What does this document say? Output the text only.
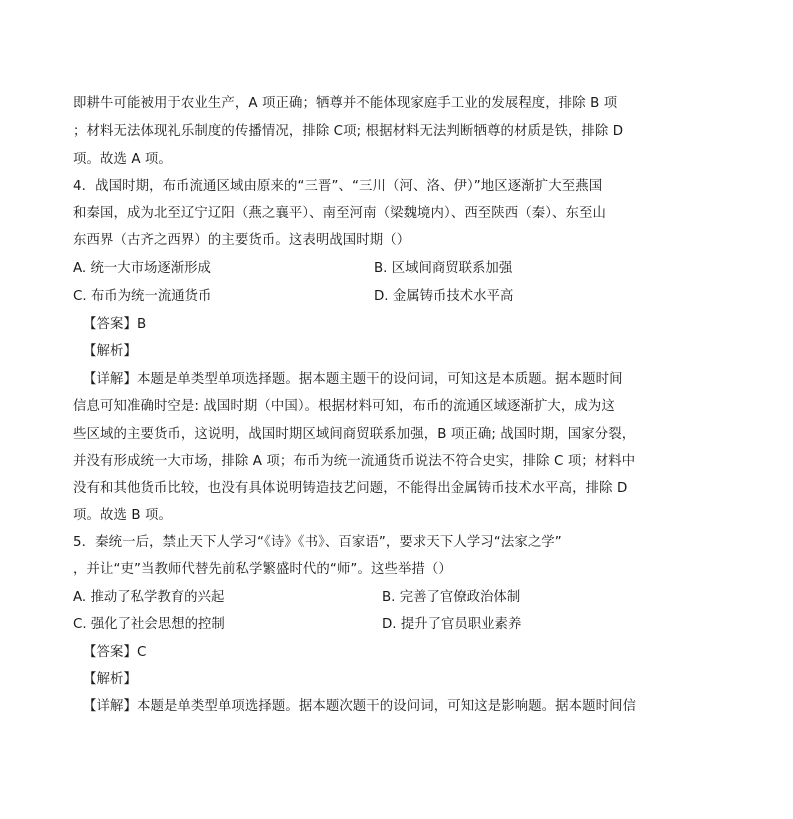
即耕牛可能被用于农业生产，A 项正确；牺尊并不能体现家庭手工业的发展程度，排除 B 项
；材料无法体现礼乐制度的传播情况，排除 C项; 根据材料无法判断牺尊的材质是铁，排除 D
项。故选 A 项。
4．战国时期，布币流通区域由原来的“三晋”、“三川（河、洛、伊）”地区逐渐扩大至燕国
和秦国，成为北至辽宁辽阳（燕之襄平）、南至河南（梁魏境内）、西至陕西（秦）、东至山
东西界（古齐之西界）的主要货币。这表明战国时期（）
A. 统一大市场逐渐形成	B. 区域间商贸联系加强
C. 布币为统一流通货币	D. 金属铸币技术水平高
【答案】B
【解析】
【详解】本题是单类型单项选择题。据本题主题干的设问词，可知这是本质题。据本题时间
信息可知准确时空是: 战国时期（中国）。根据材料可知，布币的流通区域逐渐扩大，成为这
些区域的主要货币，这说明，战国时期区域间商贸联系加强，B 项正确; 战国时期，国家分裂，
并没有形成统一大市场，排除 A 项；布币为统一流通货币说法不符合史实，排除 C 项；材料中
没有和其他货币比较，也没有具体说明铸造技艺问题，不能得出金属铸币技术水平高，排除 D
项。故选 B 项。
5．秦统一后，禁止天下人学习“《诗》《书》、百家语”，要求天下人学习“法家之学”
，并让“吏”当教师代替先前私学繁盛时代的“师”。这些举措（）
A. 推动了私学教育的兴起	B. 完善了官僚政治体制
C. 强化了社会思想的控制	D. 提升了官员职业素养
【答案】C
【解析】
【详解】本题是单类型单项选择题。据本题次题干的设问词，可知这是影响题。据本题时间信
